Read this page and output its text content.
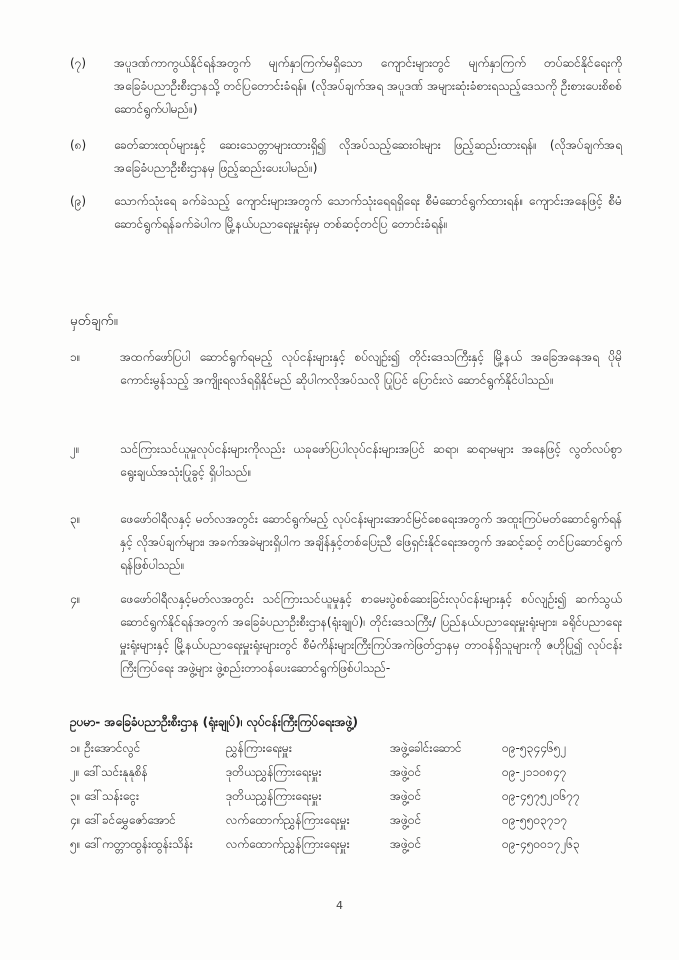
(၇)	အပူဒဏ်ကာကွယ်နိုင်ရန်အတွက် မျက်နှာကြက်မရှိသော ကျောင်းများတွင် မျက်နှာကြက် တပ်ဆင်နိုင်ရေးကို အခြေခံပညာဦးစီးဌာနသို့ တင်ပြတောင်းခံရန်။ (လိုအပ်ချက်အရ အပူဒဏ် အများဆုံးခံစားရသည့်ဒေသကို ဦးစားပေးစိစစ်ဆောင်ရွက်ပါမည်။)
(၈)	ခေတ်ဆားထုပ်များနှင့် ဆေးသေတ္တာများထားရှိ၍ လိုအပ်သည့်ဆေးဝါးများ ဖြည့်ဆည်းထားရန်။ (လိုအပ်ချက်အရ အခြေခံပညာဦးစီးဌာနမှ ဖြည့်ဆည်းပေးပါမည်။)
(၉)	သောက်သုံးရေ ခက်ခဲသည့် ကျောင်းများအတွက် သောက်သုံးရေရရှိရေး စီမံဆောင်ရွက်ထားရန်။ ကျောင်းအနေဖြင့် စီမံဆောင်ရွက်ရန်ခက်ခဲပါက မြို့နယ်ပညာရေးမှူးရုံးမှ တစ်ဆင့်တင်ပြ တောင်းခံရန်။
မှတ်ချက်။
၁။	အထက်ဖော်ပြပါ ဆောင်ရွက်ရမည့် လုပ်ငန်းများနှင့် စပ်လျဉ်း၍ တိုင်းဒေသကြီးနှင့် မြို့နယ် အခြေအနေအရ ပိုမိုကောင်းမွန်သည့် အကျိုးရလဒ်ရရှိနိုင်မည် ဆိုပါကလိုအပ်သလို ပြုပြင် ပြောင်းလဲ ဆောင်ရွက်နိုင်ပါသည်။
၂။	သင်ကြားသင်ယူမှုလုပ်ငန်းများကိုလည်း ယခုဖော်ပြပါလုပ်ငန်းများအပြင် ဆရာ၊ ဆရာမများ အနေဖြင့် လွတ်လပ်စွာ ရွေးချယ်အသုံးပြုခွင့် ရှိပါသည်။
၃။	ဖေဖော်ဝါရီလနှင့် မတ်လအတွင်း ဆောင်ရွက်မည့် လုပ်ငန်းများအောင်မြင်စေရေးအတွက် အထူးကြပ်မတ်ဆောင်ရွက်ရန်နှင့် လိုအပ်ချက်များ၊ အခက်အခဲများရှိပါက အချိန်နှင့်တစ်ပြေးညီ ဖြေရှင်းနိုင်ရေးအတွက် အဆင့်ဆင့် တင်ပြဆောင်ရွက်ရန်ဖြစ်ပါသည်။
၄။	ဖေဖော်ဝါရီလနှင့်မတ်လအတွင်း သင်ကြားသင်ယူမှုနှင့် စာမေးပွဲစစ်ဆေးခြင်းလုပ်ငန်းများနှင့် စပ်လျဉ်း၍ ဆက်သွယ်ဆောင်ရွက်နိုင်ရန်အတွက် အခြေခံပညာဦးစီးဌာန(ရုံးချုပ်)၊ တိုင်းဒေသကြီး/ ပြည်နယ်ပညာရေးမှူးရုံးများ၊ ခရိုင်ပညာရေးမှူးရုံးများနှင့် မြို့နယ်ပညာရေးမှူးရုံးများတွင် စီမံကိန်းများကြီးကြပ်အကဲဖြတ်ဌာနမှ တာဝန်ရှိသူများကို ဇဟိုပြု၍ လုပ်ငန်းကြီးကြပ်ရေး အဖွဲ့များ ဖွဲ့စည်းတာဝန်ပေးဆောင်ရွက်ဖြစ်ပါသည်-
ဥပမာ- အခြေခံပညာဦးစီးဌာန (ရုံးချုပ်)၊ လုပ်ငန်းကြီးကြပ်ရေးအဖွဲ့)
၁။ ဦးအောင်လွင်	ညွှန်ကြားရေးမှူး	အဖွဲ့ခေါင်းဆောင်	၀၉-၅၃၄၄၆၅၂
၂။ ဒေါ်သင်းနုနုစိန်	ဒုတိယညွှန်ကြားရေးမှူး	အဖွဲ့ဝင်	၀၉-၂၁၁၀၈၄၇
၃။ ဒေါ်သန်းငွေး	ဒုတိယညွှန်ကြားရေးမှူး	အဖွဲ့ဝင်	၀၉-၄၅၇၅၂၀၆၇၇
၄။ ဒေါ်ခင်မွှေဇော်အောင်	လက်ထောက်ညွှန်ကြားရေးမှူး	အဖွဲ့ဝင်	၀၉-၅၅၀၃၇၁၇
၅။ ဒေါ်ကတ္တာထွန်းထွန်းသိန်း	လက်ထောက်ညွှန်ကြားရေးမှူး	အဖွဲ့ဝင်	၀၉-၄၅၀၀၁၇၂၆၃
4
